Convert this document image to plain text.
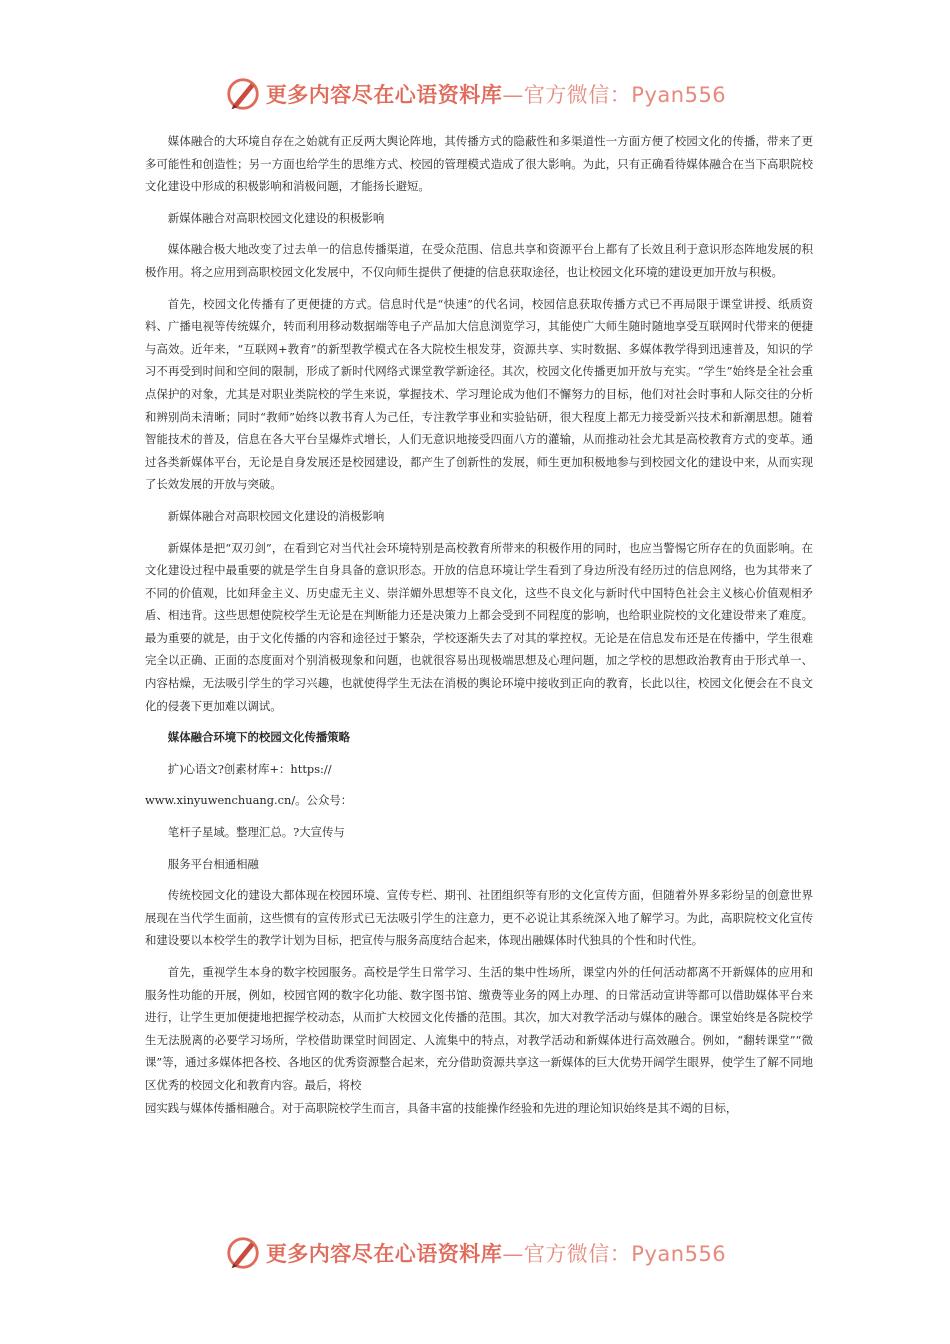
更多内容尽在心语资料库—官方微信：Pyan556

媒体融合的大环境自存在之始就有正反两大舆论阵地，其传播方式的隐蔽性和多渠道性一方面方便了校园文化的传播，带来了更多可能性和创造性；另一方面也给学生的思维方式、校园的管理模式造成了很大影响。为此，只有正确看待媒体融合在当下高职院校文化建设中形成的积极影响和消极问题，才能扬长避短。

新媒体融合对高职校园文化建设的积极影响

媒体融合极大地改变了过去单一的信息传播渠道，在受众范围、信息共享和资源平台上都有了长效且利于意识形态阵地发展的积极作用。将之应用到高职校园文化发展中，不仅向师生提供了便捷的信息获取途径，也让校园文化环境的建设更加开放与积极。

首先，校园文化传播有了更便捷的方式。信息时代是“快速”的代名词，校园信息获取传播方式已不再局限于课堂讲授、纸质资料、广播电视等传统媒介，转而利用移动数据端等电子产品加大信息浏览学习，其能使广大师生随时随地享受互联网时代带来的便捷与高效。近年来，“互联网+教育”的新型教学模式在各大院校生根发芽，资源共享、实时数据、多媒体教学得到迅速普及，知识的学习不再受到时间和空间的限制，形成了新时代网络式课堂教学新途径。其次，校园文化传播更加开放与充实。“学生”始终是全社会重点保护的对象，尤其是对职业类院校的学生来说，掌握技术、学习理论成为他们不懈努力的目标，他们对社会时事和人际交往的分析和辨别尚未清晰；同时“教师”始终以教书育人为己任，专注教学事业和实验钻研，很大程度上都无力接受新兴技术和新潮思想。随着智能技术的普及，信息在各大平台呈爆炸式增长，人们无意识地接受四面八方的灌输，从而推动社会尤其是高校教育方式的变革。通过各类新媒体平台，无论是自身发展还是校园建设，都产生了创新性的发展，师生更加积极地参与到校园文化的建设中来，从而实现了长效发展的开放与突破。

新媒体融合对高职校园文化建设的消极影响

新媒体是把“双刃剑”，在看到它对当代社会环境特别是高校教育所带来的积极作用的同时，也应当警惕它所存在的负面影响。在文化建设过程中最重要的就是学生自身具备的意识形态。开放的信息环境让学生看到了身边所没有经历过的信息网络，也为其带来了不同的价值观，比如拜金主义、历史虚无主义、崇洋媚外思想等不良文化，这些不良文化与新时代中国特色社会主义核心价值观相矛盾、相违背。这些思想使院校学生无论是在判断能力还是决策力上都会受到不同程度的影响，也给职业院校的文化建设带来了难度。最为重要的就是，由于文化传播的内容和途径过于繁杂，学校逐渐失去了对其的掌控权。无论是在信息发布还是在传播中，学生很难完全以正确、正面的态度面对个别消极现象和问题，也就很容易出现极端思想及心理问题，加之学校的思想政治教育由于形式单一、内容枯燥，无法吸引学生的学习兴趣，也就使得学生无法在消极的舆论环境中接收到正向的教育，长此以往，校园文化便会在不良文化的侵袭下更加难以调试。

媒体融合环境下的校园文化传播策略

扩)心语文?创素材库+：https://

www.xinyuwenchuang.cn/。公众号：

笔杆子星域。整理汇总。?大宣传与

服务平台相通相融

传统校园文化的建设大都体现在校园环境、宣传专栏、期刊、社团组织等有形的文化宣传方面，但随着外界多彩纷呈的创意世界展现在当代学生面前，这些惯有的宣传形式已无法吸引学生的注意力，更不必说让其系统深入地了解学习。为此，高职院校文化宣传和建设要以本校学生的教学计划为目标，把宣传与服务高度结合起来，体现出融媒体时代独具的个性和时代性。

首先，重视学生本身的数字校园服务。高校是学生日常学习、生活的集中性场所，课堂内外的任何活动都离不开新媒体的应用和服务性功能的开展，例如，校园官网的数字化功能、数字图书馆、缴费等业务的网上办理、的日常活动宣讲等都可以借助媒体平台来进行，让学生更加便捷地把握学校动态，从而扩大校园文化传播的范围。其次，加大对教学活动与媒体的融合。课堂始终是各院校学生无法脱离的必要学习场所，学校借助课堂时间固定、人流集中的特点，对教学活动和新媒体进行高效融合。例如，“翻转课堂”“微课”等，通过多媒体把各校、各地区的优秀资源整合起来，充分借助资源共享这一新媒体的巨大优势开阔学生眼界，使学生了解不同地区优秀的校园文化和教育内容。最后，将校

园实践与媒体传播相融合。对于高职院校学生而言，具备丰富的技能操作经验和先进的理论知识始终是其不竭的目标，

更多内容尽在心语资料库—官方微信：Pyan556
